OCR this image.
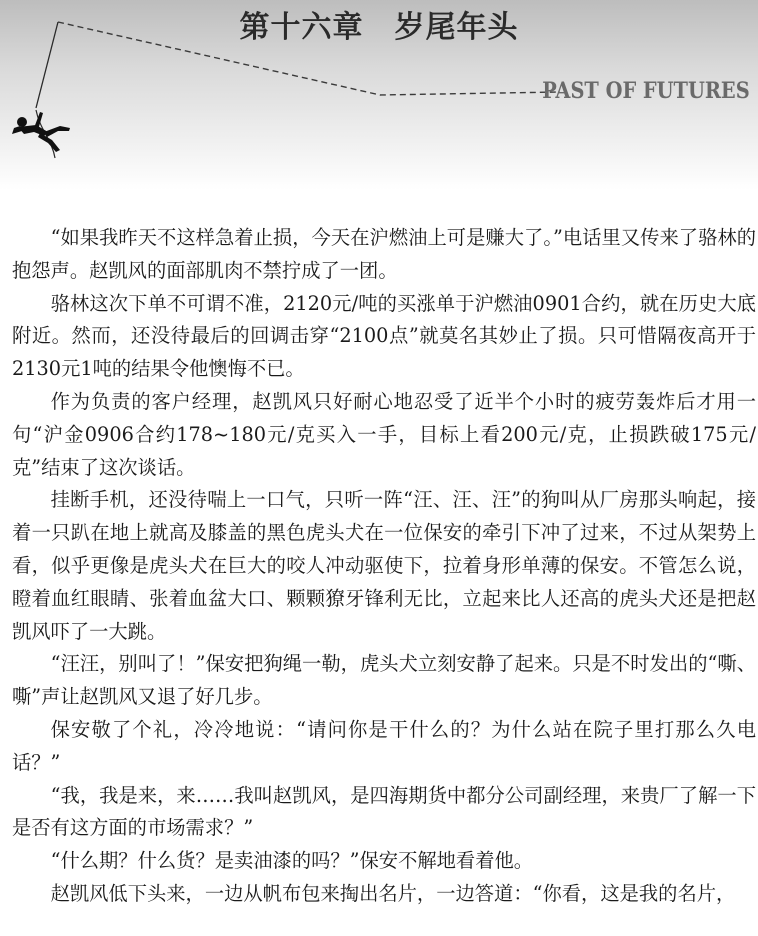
第十六章　岁尾年头
PAST OF FUTURES

“如果我昨天不这样急着止损，今天在沪燃油上可是赚大了。”电话里又传来了骆林的抱怨声。赵凯风的面部肌肉不禁拧成了一团。

骆林这次下单不可谓不准，2120元/吨的买涨单于沪燃油0901合约，就在历史大底附近。然而，还没待最后的回调击穿“2100点”就莫名其妙止了损。只可惜隔夜高开于2130元1吨的结果令他懊悔不已。

作为负责的客户经理，赵凯风只好耐心地忍受了近半个小时的疲劳轰炸后才用一句“沪金0906合约178~180元/克买入一手，目标上看200元/克，止损跌破175元/克”结束了这次谈话。

挂断手机，还没待喘上一口气，只听一阵“汪、汪、汪”的狗叫从厂房那头响起，接着一只趴在地上就高及膝盖的黑色虎头犬在一位保安的牵引下冲了过来，不过从架势上看，似乎更像是虎头犬在巨大的咬人冲动驱使下，拉着身形单薄的保安。不管怎么说，瞪着血红眼睛、张着血盆大口、颗颗獠牙锋利无比，立起来比人还高的虎头犬还是把赵凯风吓了一大跳。

“汪汪，别叫了！”保安把狗绳一勒，虎头犬立刻安静了起来。只是不时发出的“嘶、嘶”声让赵凯风又退了好几步。

保安敬了个礼，冷冷地说：“请问你是干什么的？为什么站在院子里打那么久电话？”

“我，我是来，来……我叫赵凯风，是四海期货中都分公司副经理，来贵厂了解一下是否有这方面的市场需求？”

“什么期？什么货？是卖油漆的吗？”保安不解地看着他。

赵凯风低下头来，一边从帆布包来掏出名片，一边答道：“你看，这是我的名片，
